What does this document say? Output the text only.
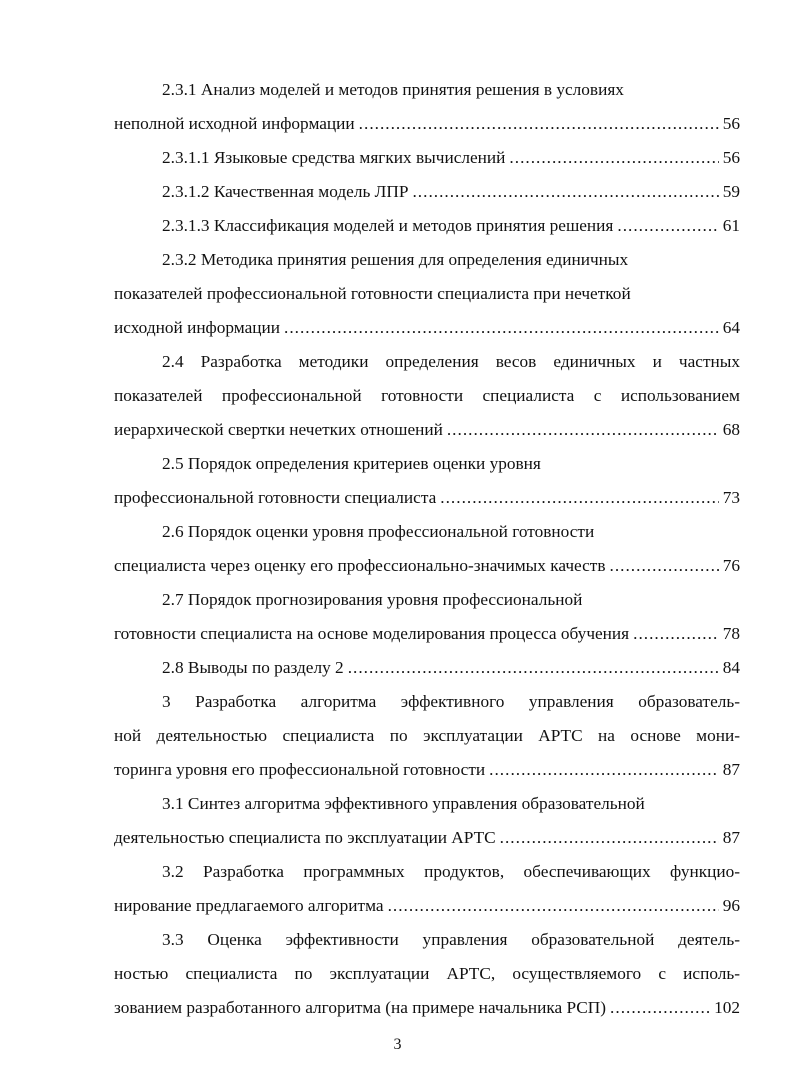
2.3.1 Анализ моделей и методов принятия решения в условиях
неполной исходной информации .....	56
2.3.1.1 Языковые средства мягких вычислений .....	56
2.3.1.2 Качественная модель ЛПР .....	59
2.3.1.3 Классификация моделей и методов принятия решения .....	61
2.3.2 Методика принятия решения для определения единичных
показателей профессиональной готовности специалиста при нечеткой
исходной информации .....	64
2.4 Разработка методики определения весов единичных и частных
показателей профессиональной готовности специалиста с использованием
иерархической свертки нечетких отношений .....	68
2.5 Порядок определения критериев оценки уровня
профессиональной готовности специалиста .....	73
2.6 Порядок оценки уровня профессиональной готовности
специалиста через оценку его профессионально-значимых качеств .....	76
2.7 Порядок прогнозирования уровня профессиональной
готовности специалиста на основе моделирования процесса обучения .....	78
2.8 Выводы по разделу 2 .....	84
3 Разработка алгоритма эффективного управления образователь-
ной деятельностью специалиста по эксплуатации АРТС на основе мони-
торинга уровня его профессиональной готовности .....	87
3.1 Синтез алгоритма эффективного управления образовательной
деятельностью специалиста по эксплуатации АРТС .....	87
3.2 Разработка программных продуктов, обеспечивающих функцио-
нирование предлагаемого алгоритма .....	96
3.3 Оценка эффективности управления образовательной деятель-
ностью специалиста по эксплуатации АРТС, осуществляемого с исполь-
зованием разработанного алгоритма (на примере начальника РСП) .....	102
3
